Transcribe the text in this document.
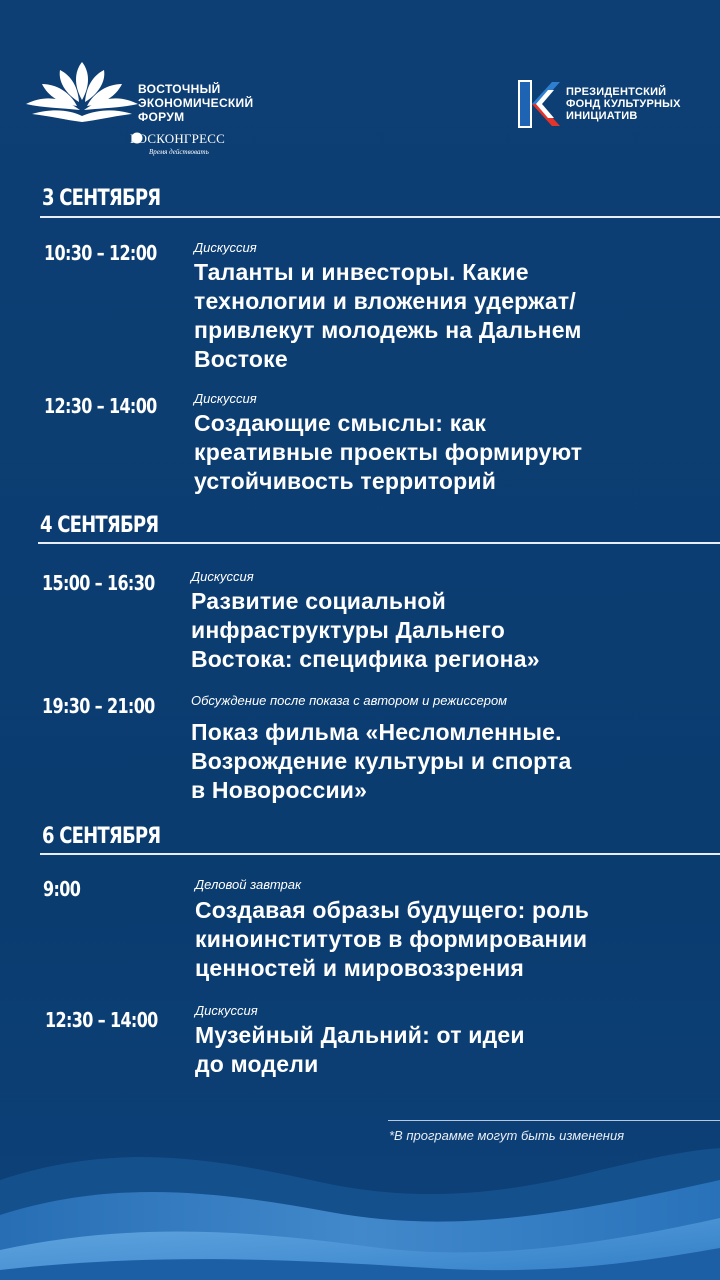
ВОСТОЧНЫЙ
ЭКОНОМИЧЕСКИЙ
ФОРУМ
РОСКОНГРЕСС
Время действовать
ПРЕЗИДЕНТСКИЙ
ФОНД КУЛЬТУРНЫХ
ИНИЦИАТИВ
3 СЕНТЯБРЯ
10:30 – 12:00	Дискуссия
Таланты и инвесторы. Какие
технологии и вложения удержат/
привлекут молодежь на Дальнем
Востоке
12:30 – 14:00	Дискуссия
Создающие смыслы: как
креативные проекты формируют
устойчивость территорий
4 СЕНТЯБРЯ
15:00 – 16:30	Дискуссия
Развитие социальной
инфраструктуры Дальнего
Востока: специфика региона»
19:30 – 21:00	Обсуждение после показа с автором и режиссером
Показ фильма «Несломленные.
Возрождение культуры и спорта
в Новороссии»
6 СЕНТЯБРЯ
9:00	Деловой завтрак
Создавая образы будущего: роль
киноинститутов в формировании
ценностей и мировоззрения
12:30 – 14:00	Дискуссия
Музейный Дальний: от идеи
до модели
*В программе могут быть изменения
